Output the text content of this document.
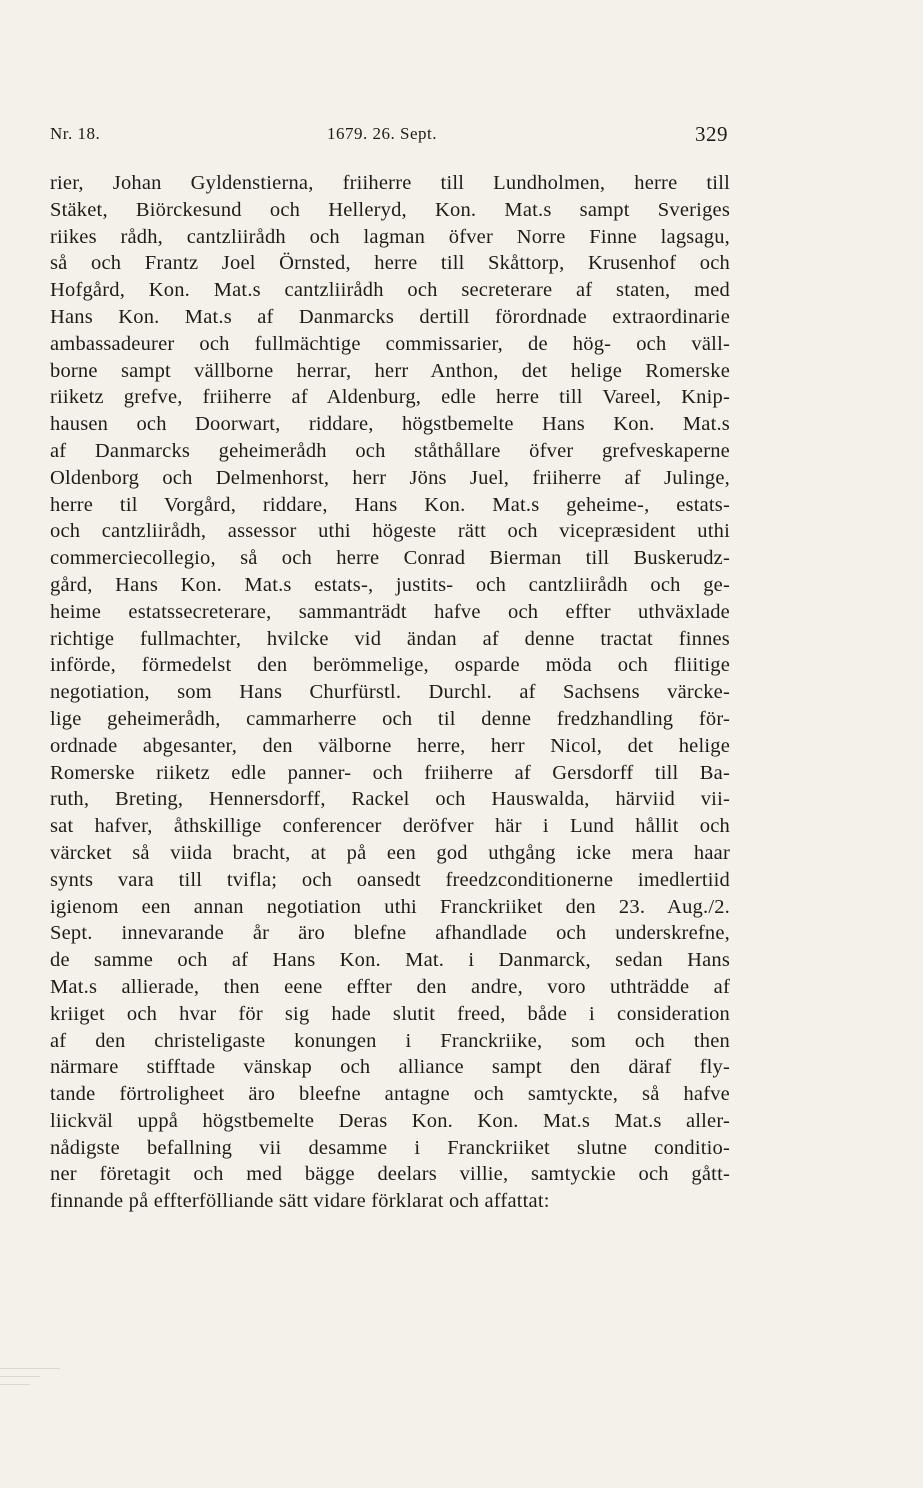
Nr. 18.	1679. 26. Sept.	329
rier, Johan Gyldenstierna, friiherre till Lundholmen, herre till
Stäket, Biörckesund och Helleryd, Kon. Mat.s sampt Sveriges
riikes rådh, cantzliirådh och lagman öfver Norre Finne lagsagu,
så och Frantz Joel Örnsted, herre till Skåttorp, Krusenhof och
Hofgård, Kon. Mat.s cantzliirådh och secreterare af staten, med
Hans Kon. Mat.s af Danmarcks dertill förordnade extraordinarie
ambassadeurer och fullmächtige commissarier, de hög- och väll-
borne sampt vällborne herrar, herr Anthon, det helige Romerske
riiketz grefve, friiherre af Aldenburg, edle herre till Vareel, Knip-
hausen och Doorwart, riddare, högstbemelte Hans Kon. Mat.s
af Danmarcks geheimerådh och ståthållare öfver grefveskaperne
Oldenborg och Delmenhorst, herr Jöns Juel, friiherre af Julinge,
herre til Vorgård, riddare, Hans Kon. Mat.s geheime-, estats-
och cantzliirådh, assessor uthi högeste rätt och vicepræsident uthi
commerciecollegio, så och herre Conrad Bierman till Buskerudz-
gård, Hans Kon. Mat.s estats-, justits- och cantzliirådh och ge-
heime estatssecreterare, sammanträdt hafve och effter uthväxlade
richtige fullmachter, hvilcke vid ändan af denne tractat finnes
införde, förmedelst den berömmelige, osparde möda och fliitige
negotiation, som Hans Churfürstl. Durchl. af Sachsens värcke-
lige geheimerådh, cammarherre och til denne fredzhandling för-
ordnade abgesanter, den välborne herre, herr Nicol, det helige
Romerske riiketz edle panner- och friiherre af Gersdorff till Ba-
ruth, Breting, Hennersdorff, Rackel och Hauswalda, härviid vii-
sat hafver, åthskillige conferencer deröfver här i Lund hållit och
värcket så viida bracht, at på een god uthgång icke mera haar
synts vara till tvifla; och oansedt freedzconditionerne imedlertiid
igienom een annan negotiation uthi Franckriiket den 23. Aug./2.
Sept. innevarande år äro blefne afhandlade och underskrefne,
de samme och af Hans Kon. Mat. i Danmarck, sedan Hans
Mat.s allierade, then eene effter den andre, voro uthträdde af
kriiget och hvar för sig hade slutit freed, både i consideration
af den christeligaste konungen i Franckriike, som och then
närmare stifftade vänskap och alliance sampt den däraf fly-
tande förtroligheet äro bleefne antagne och samtyckte, så hafve
liickväl uppå högstbemelte Deras Kon. Kon. Mat.s Mat.s aller-
nådigste befallning vii desamme i Franckriiket slutne conditio-
ner företagit och med bägge deelars villie, samtyckie och gått-
finnande på effterfölliande sätt vidare förklarat och affattat:
